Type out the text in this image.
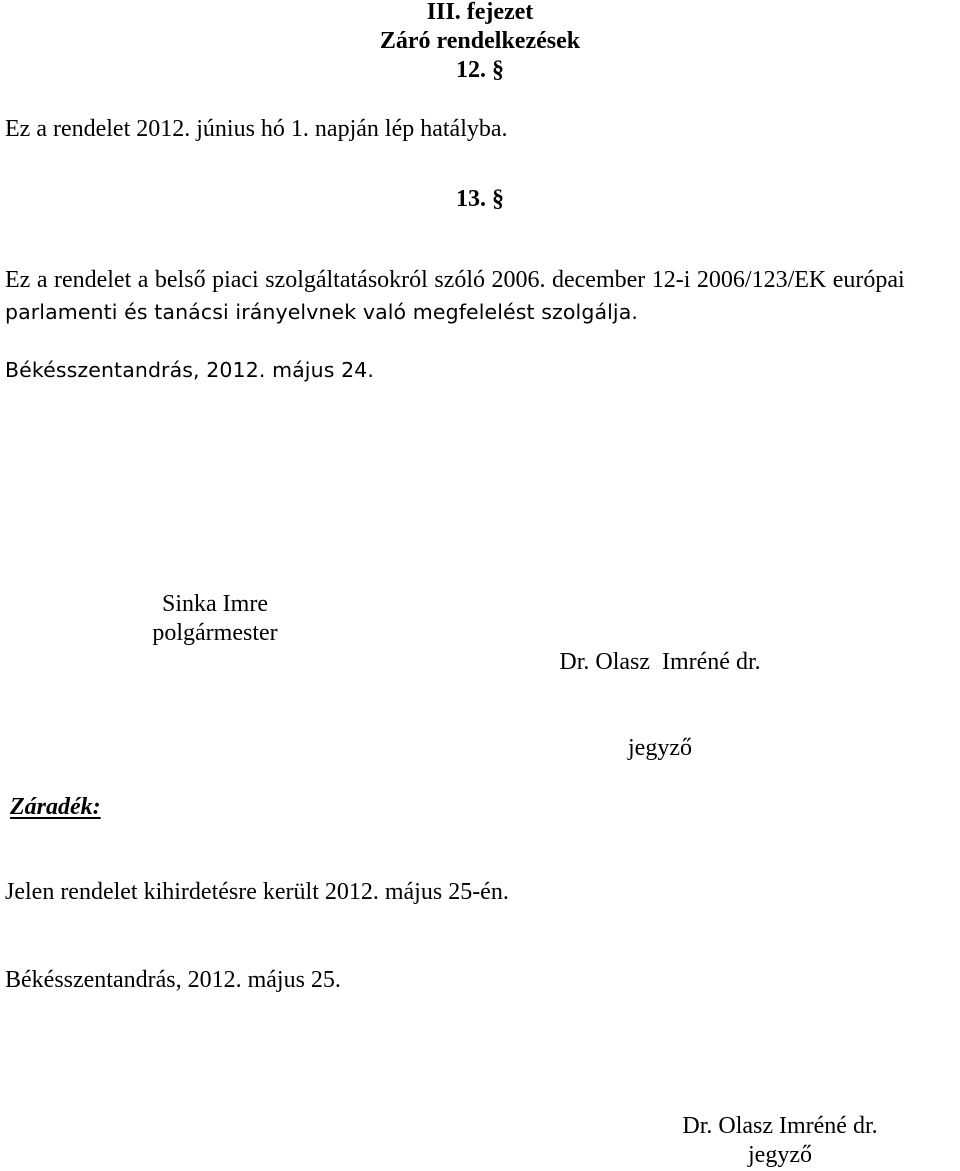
III. fejezet
Záró rendelkezések
12. §
Ez a rendelet 2012. június hó 1. napján lép hatályba.
13. §
Ez a rendelet a belső piaci szolgáltatásokról szóló 2006. december 12-i 2006/123/EK európai
parlamenti és tanácsi irányelvnek való megfelelést szolgálja.
Békésszentandrás, 2012. május 24.
Sinka Imre
polgármester

Dr. Olasz  Imréné dr.

jegyző

Záradék:
Jelen rendelet kihirdetésre került 2012. május 25-én.
Békésszentandrás, 2012. május 25.
Dr. Olasz Imréné dr.
jegyző
